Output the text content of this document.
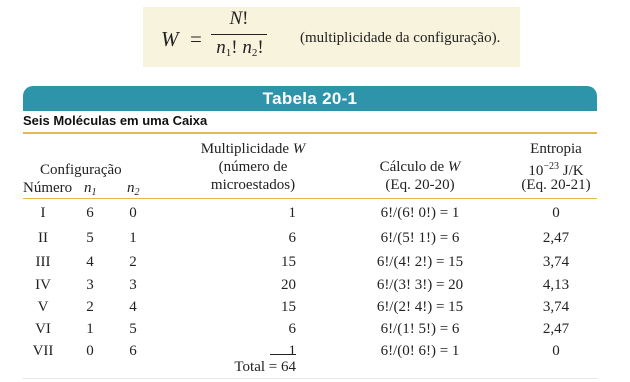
W =
N!
$n_1$! $n_2$!	(multiplicidade da configuração).
Tabela 20-1
Seis Moléculas em uma Caixa
Configuração
Número $n_1$ $n_2$
Multiplicidade W
(número de
microestados)
Cálculo de W
(Eq. 20-20)
Entropia
$10^{-23}$ J/K
(Eq. 20-21)
I	6	0	1	6!/(6! 0!) = 1	0
II	5	1	6	6!/(5! 1!) = 6	2,47
III	4	2	15	6!/(4! 2!) = 15	3,74
IV	3	3	20	6!/(3! 3!) = 20	4,13
V	2	4	15	6!/(2! 4!) = 15	3,74
VI	1	5	6	6!/(1! 5!) = 6	2,47
VII	0	6	1	6!/(0! 6!) = 1	0
Total = 64
